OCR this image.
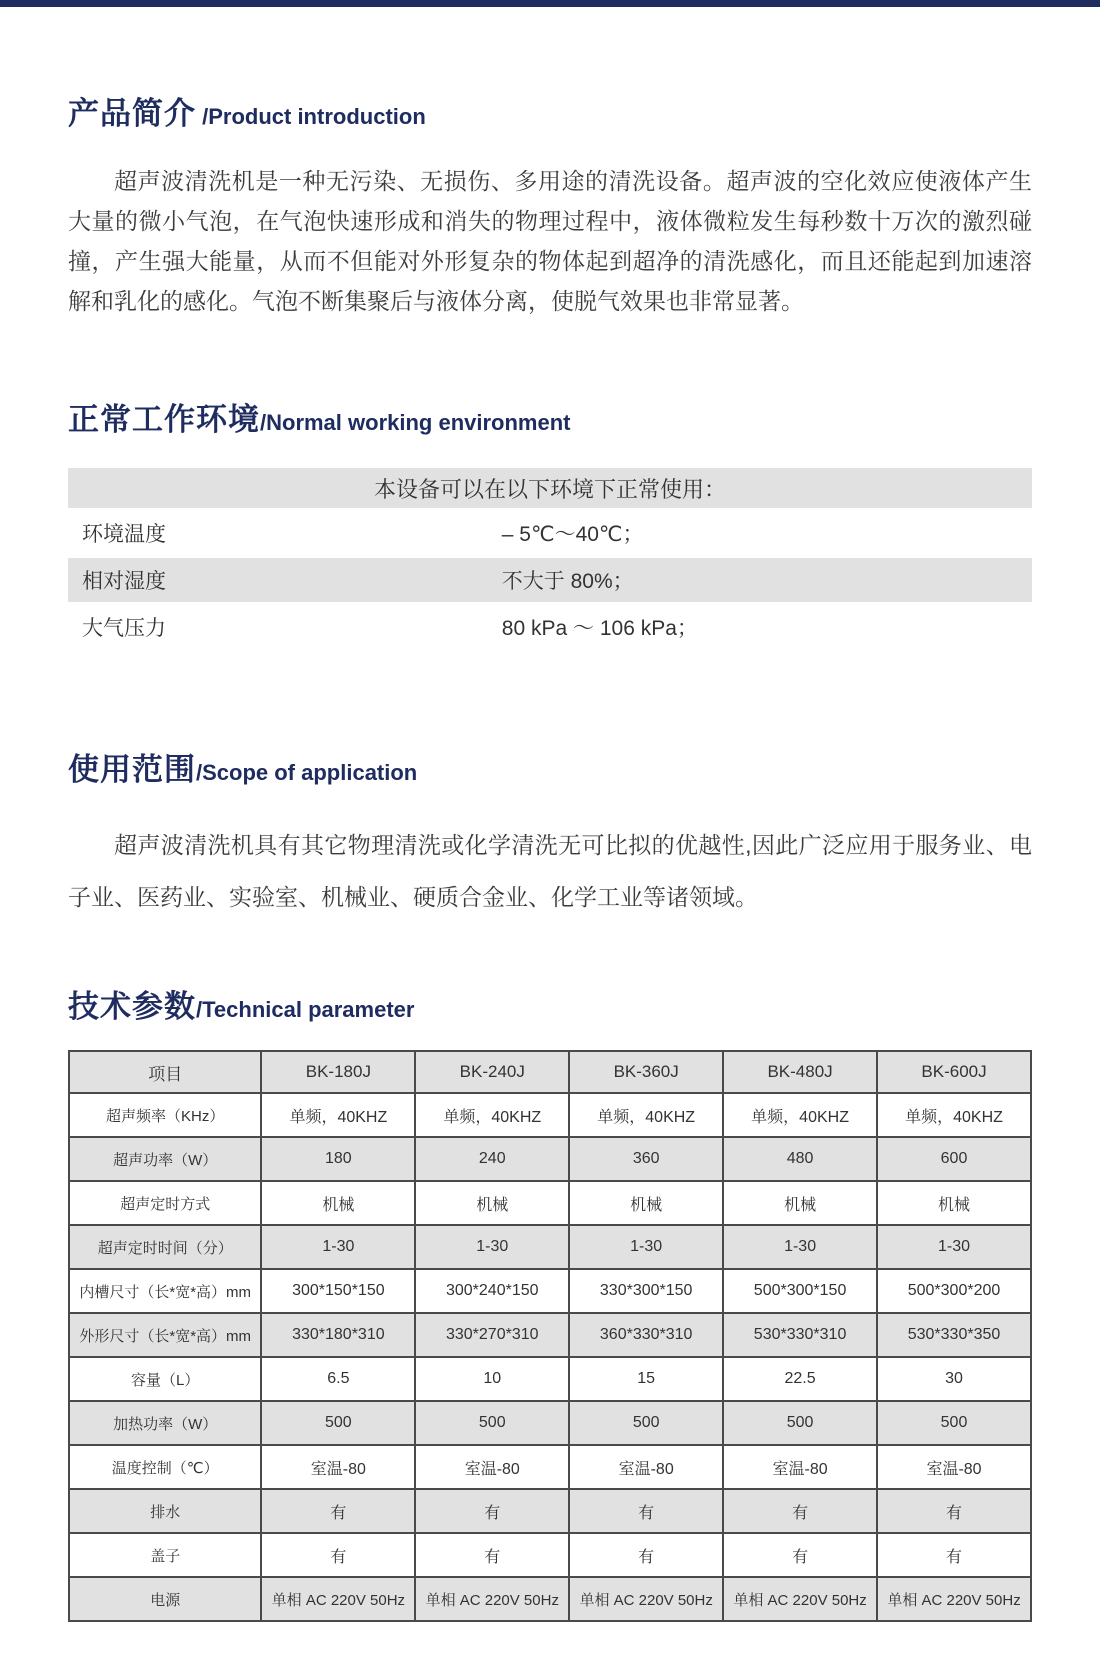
产品简介 /Product introduction

超声波清洗机是一种无污染、无损伤、多用途的清洗设备。超声波的空化效应使液体产生大量的微小气泡，在气泡快速形成和消失的物理过程中，液体微粒发生每秒数十万次的激烈碰撞，产生强大能量，从而不但能对外形复杂的物体起到超净的清洗感化，而且还能起到加速溶解和乳化的感化。气泡不断集聚后与液体分离，使脱气效果也非常显著。

正常工作环境 /Normal working environment
本设备可以在以下环境下正常使用：	
环境温度	– 5℃～40℃；
相对湿度	不大于 80%；
大气压力	80 kPa ～ 106 kPa；
使用范围 /Scope of application

超声波清洗机具有其它物理清洗或化学清洗无可比拟的优越性,因此广泛应用于服务业、电子业、医药业、实验室、机械业、硬质合金业、化学工业等诸领域。

技术参数 /Technical parameter
项目	BK-180J	BK-240J	BK-360J	BK-480J	BK-600J
超声频率（KHz）	单频，40KHZ	单频，40KHZ	单频，40KHZ	单频，40KHZ	单频，40KHZ
超声功率（W）	180	240	360	480	600
超声定时方式	机械	机械	机械	机械	机械
超声定时时间（分）	1-30	1-30	1-30	1-30	1-30
内槽尺寸（长*宽*高）mm	300*150*150	300*240*150	330*300*150	500*300*150	500*300*200
外形尺寸（长*宽*高）mm	330*180*310	330*270*310	360*330*310	530*330*310	530*330*350
容量（L）	6.5	10	15	22.5	30
加热功率（W）	500	500	500	500	500
温度控制（℃）	室温-80	室温-80	室温-80	室温-80	室温-80
排水	有	有	有	有	有
盖子	有	有	有	有	有
电源	单相 AC 220V 50Hz	单相 AC 220V 50Hz	单相 AC 220V 50Hz	单相 AC 220V 50Hz	单相 AC 220V 50Hz
